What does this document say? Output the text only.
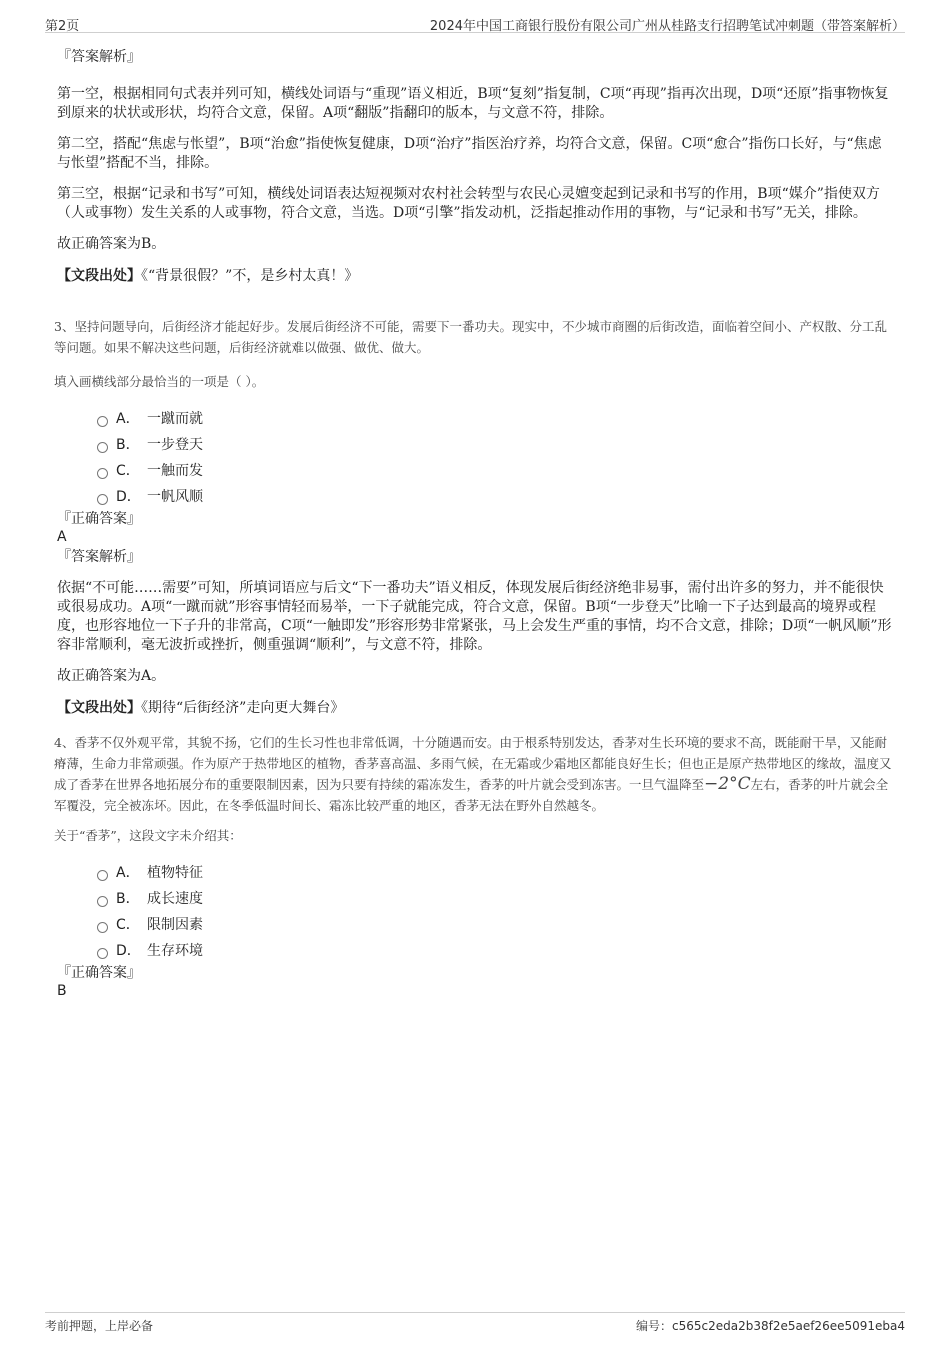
第2页	2024年中国工商银行股份有限公司广州从桂路支行招聘笔试冲刺题（带答案解析）

『答案解析』

第一空，根据相同句式表并列可知，横线处词语与“重现”语义相近，B项“复刻”指复制，C项“再现”指再次出现，D项“还原”指事物恢复到原来的状状或形状，均符合文意，保留。A项“翻版”指翻印的版本，与文意不符，排除。

第二空，搭配“焦虑与怅望”，B项“治愈”指使恢复健康，D项“治疗”指医治疗养，均符合文意，保留。C项“愈合”指伤口长好，与“焦虑与怅望”搭配不当，排除。

第三空，根据“记录和书写”可知，横线处词语表达短视频对农村社会转型与农民心灵嬗变起到记录和书写的作用，B项“媒介”指使双方（人或事物）发生关系的人或事物，符合文意，当选。D项“引擎”指发动机，泛指起推动作用的事物，与“记录和书写”无关，排除。

故正确答案为B。

【文段出处】《“背景很假？”不，是乡村太真！》

3、坚持问题导向，后街经济才能起好步。发展后街经济不可能，需要下一番功夫。现实中，不少城市商圈的后街改造，面临着空间小、产权散、分工乱等问题。如果不解决这些问题，后街经济就难以做强、做优、做大。

填入画横线部分最恰当的一项是（ ）。

A． 一蹴而就
B． 一步登天
C． 一触而发
D． 一帆风顺

『正确答案』

A

『答案解析』

依据“不可能……需要”可知，所填词语应与后文“下一番功夫”语义相反，体现发展后街经济绝非易事，需付出许多的努力，并不能很快或很易成功。A项“一蹴而就”形容事情轻而易举，一下子就能完成，符合文意，保留。B项“一步登天”比喻一下子达到最高的境界或程度，也形容地位一下子升的非常高，C项“一触即发”形容形势非常紧张，马上会发生严重的事情，均不合文意，排除；D项“一帆风顺”形容非常顺利，毫无波折或挫折，侧重强调“顺利”，与文意不符，排除。

故正确答案为A。

【文段出处】《期待“后街经济”走向更大舞台》

4、香茅不仅外观平常，其貌不扬，它们的生长习性也非常低调，十分随遇而安。由于根系特别发达，香茅对生长环境的要求不高，既能耐干旱，又能耐瘠薄，生命力非常顽强。作为原产于热带地区的植物，香茅喜高温、多雨气候，在无霜或少霜地区都能良好生长；但也正是原产热带地区的缘故，温度又成了香茅在世界各地拓展分布的重要限制因素，因为只要有持续的霜冻发生，香茅的叶片就会受到冻害。一旦气温降至−2°C左右，香茅的叶片就会全军覆没，完全被冻坏。因此，在冬季低温时间长、霜冻比较严重的地区，香茅无法在野外自然越冬。

关于“香茅”，这段文字未介绍其：

A． 植物特征
B． 成长速度
C． 限制因素
D． 生存环境

『正确答案』

B

考前押题，上岸必备	编号：c565c2eda2b38f2e5aef26ee5091eba4
